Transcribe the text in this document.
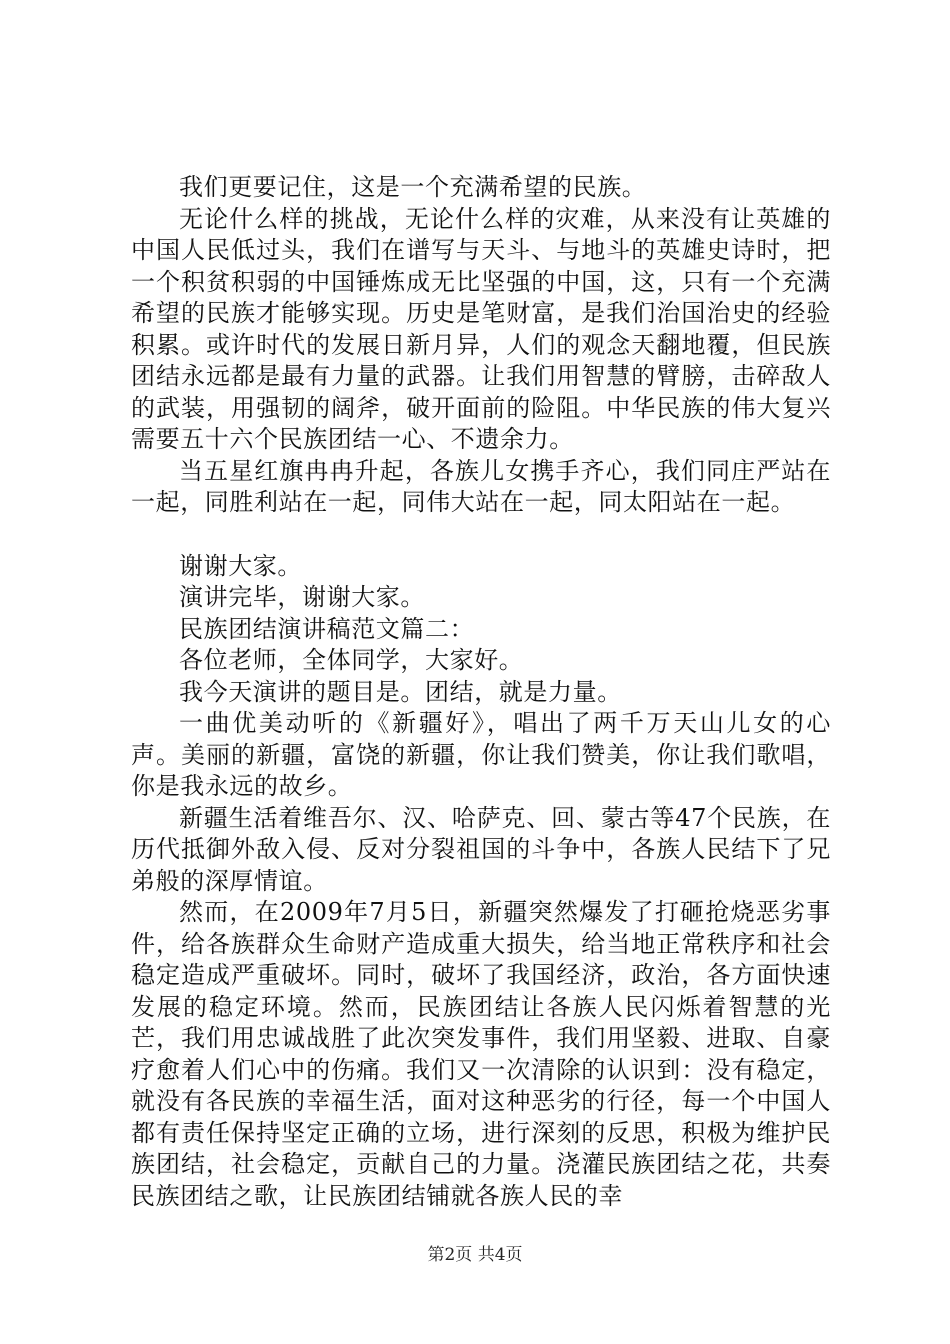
我们更要记住，这是一个充满希望的民族。

无论什么样的挑战，无论什么样的灾难，从来没有让英雄的中国人民低过头，我们在谱写与天斗、与地斗的英雄史诗时，把一个积贫积弱的中国锤炼成无比坚强的中国，这，只有一个充满希望的民族才能够实现。历史是笔财富，是我们治国治史的经验积累。或许时代的发展日新月异，人们的观念天翻地覆，但民族团结永远都是最有力量的武器。让我们用智慧的臂膀，击碎敌人的武装，用强韧的阔斧，破开面前的险阻。中华民族的伟大复兴需要五十六个民族团结一心、不遗余力。

当五星红旗冉冉升起，各族儿女携手齐心，我们同庄严站在一起，同胜利站在一起，同伟大站在一起，同太阳站在一起。

谢谢大家。

演讲完毕，谢谢大家。

民族团结演讲稿范文篇二：

各位老师，全体同学，大家好。

我今天演讲的题目是。团结，就是力量。

一曲优美动听的《新疆好》，唱出了两千万天山儿女的心声。美丽的新疆，富饶的新疆，你让我们赞美，你让我们歌唱，你是我永远的故乡。

新疆生活着维吾尔、汉、哈萨克、回、蒙古等47个民族，在历代抵御外敌入侵、反对分裂祖国的斗争中，各族人民结下了兄弟般的深厚情谊。

然而，在2009年7月5日，新疆突然爆发了打砸抢烧恶劣事件，给各族群众生命财产造成重大损失，给当地正常秩序和社会稳定造成严重破坏。同时，破坏了我国经济，政治，各方面快速发展的稳定环境。然而，民族团结让各族人民闪烁着智慧的光芒，我们用忠诚战胜了此次突发事件，我们用坚毅、进取、自豪疗愈着人们心中的伤痛。我们又一次清除的认识到：没有稳定，就没有各民族的幸福生活，面对这种恶劣的行径，每一个中国人都有责任保持坚定正确的立场，进行深刻的反思，积极为维护民族团结，社会稳定，贡献自己的力量。浇灌民族团结之花，共奏民族团结之歌，让民族团结铺就各族人民的幸

第2页 共4页
